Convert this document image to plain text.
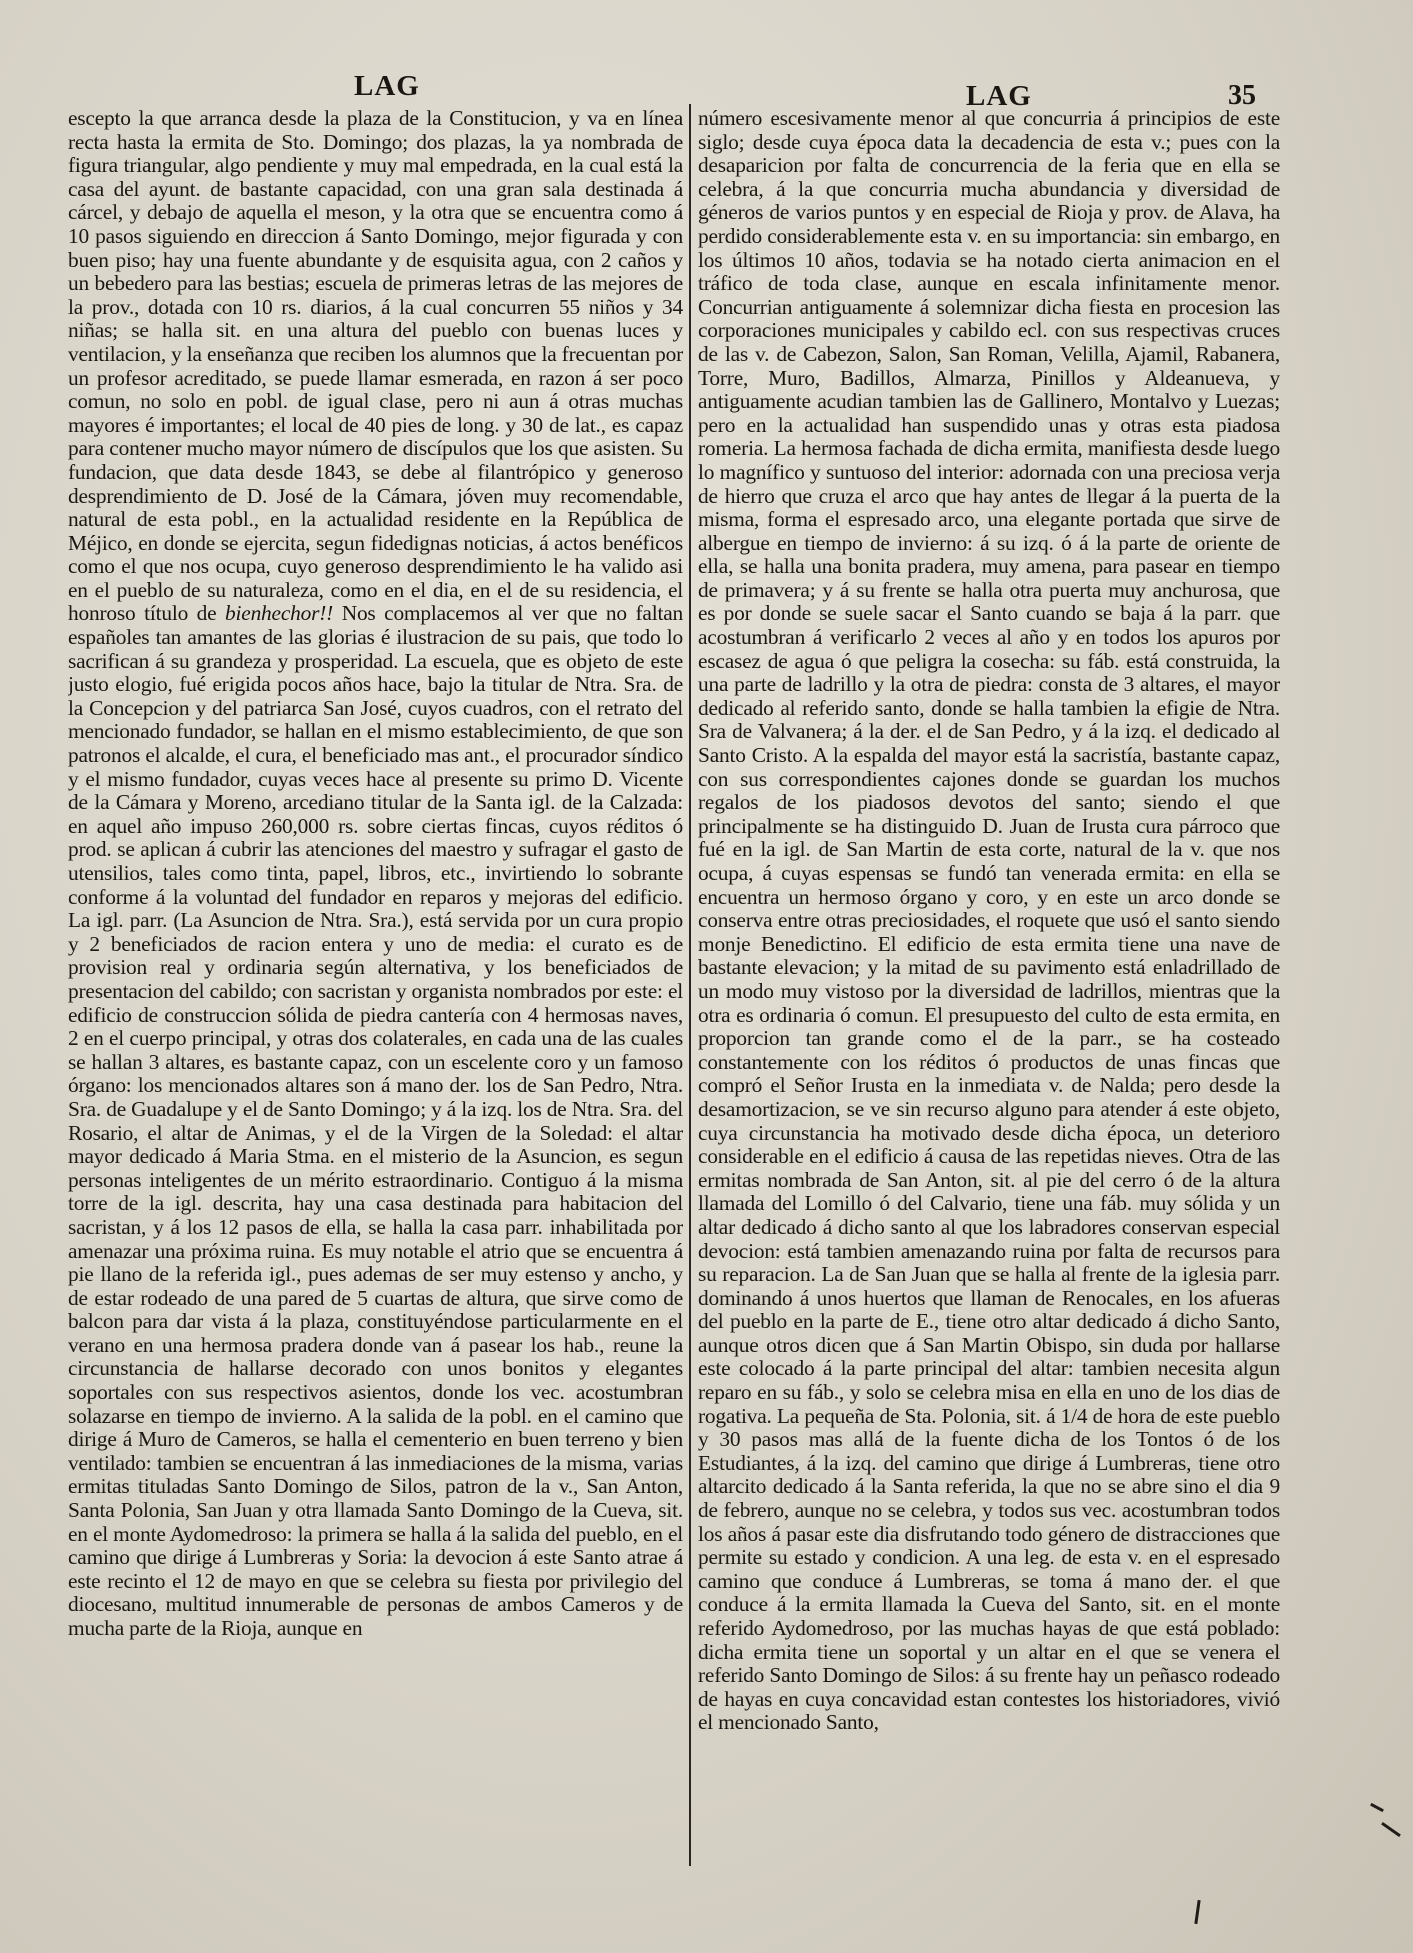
LAG	LAG	35

escepto la que arranca desde la plaza de la Constitucion, y va en línea recta hasta la ermita de Sto. Domingo; dos plazas, la ya nombrada de figura triangular, algo pendiente y muy mal empedrada, en la cual está la casa del ayunt. de bastante capacidad, con una gran sala destinada á cárcel, y debajo de aquella el meson, y la otra que se encuentra como á 10 pasos siguiendo en direccion á Santo Domingo, mejor figurada y con buen piso; hay una fuente abundante y de esquisita agua, con 2 caños y un bebedero para las bestias; escuela de primeras letras de las mejores de la prov., dotada con 10 rs. diarios, á la cual concurren 55 niños y 34 niñas; se halla sit. en una altura del pueblo con buenas luces y ventilacion, y la enseñanza que reciben los alumnos que la frecuentan por un profesor acreditado, se puede llamar esmerada, en razon á ser poco comun, no solo en pobl. de igual clase, pero ni aun á otras muchas mayores é importantes; el local de 40 pies de long. y 30 de lat., es capaz para contener mucho mayor número de discípulos que los que asisten. Su fundacion, que data desde 1843, se debe al filantrópico y generoso desprendimiento de D. José de la Cámara, jóven muy recomendable, natural de esta pobl., en la actualidad residente en la República de Méjico, en donde se ejercita, segun fidedignas noticias, á actos benéficos como el que nos ocupa, cuyo generoso desprendimiento le ha valido asi en el pueblo de su naturaleza, como en el dia, en el de su residencia, el honroso título de bienhechor!! Nos complacemos al ver que no faltan españoles tan amantes de las glorias é ilustracion de su pais, que todo lo sacrifican á su grandeza y prosperidad. La escuela, que es objeto de este justo elogio, fué erigida pocos años hace, bajo la titular de Ntra. Sra. de la Concepcion y del patriarca San José, cuyos cuadros, con el retrato del mencionado fundador, se hallan en el mismo establecimiento, de que son patronos el alcalde, el cura, el beneficiado mas ant., el procurador síndico y el mismo fundador, cuyas veces hace al presente su primo D. Vicente de la Cámara y Moreno, arcediano titular de la Santa igl. de la Calzada: en aquel año impuso 260,000 rs. sobre ciertas fincas, cuyos réditos ó prod. se aplican á cubrir las atenciones del maestro y sufragar el gasto de utensilios, tales como tinta, papel, libros, etc., invirtiendo lo sobrante conforme á la voluntad del fundador en reparos y mejoras del edificio. La igl. parr. (La Asuncion de Ntra. Sra.), está servida por un cura propio y 2 beneficiados de racion entera y uno de media: el curato es de provision real y ordinaria según alternativa, y los beneficiados de presentacion del cabildo; con sacristan y organista nombrados por este: el edificio de construccion sólida de piedra cantería con 4 hermosas naves, 2 en el cuerpo principal, y otras dos colaterales, en cada una de las cuales se hallan 3 altares, es bastante capaz, con un escelente coro y un famoso órgano: los mencionados altares son á mano der. los de San Pedro, Ntra. Sra. de Guadalupe y el de Santo Domingo; y á la izq. los de Ntra. Sra. del Rosario, el altar de Animas, y el de la Virgen de la Soledad: el altar mayor dedicado á Maria Stma. en el misterio de la Asuncion, es segun personas inteligentes de un mérito estraordinario. Contiguo á la misma torre de la igl. descrita, hay una casa destinada para habitacion del sacristan, y á los 12 pasos de ella, se halla la casa parr. inhabilitada por amenazar una próxima ruina. Es muy notable el atrio que se encuentra á pie llano de la referida igl., pues ademas de ser muy estenso y ancho, y de estar rodeado de una pared de 5 cuartas de altura, que sirve como de balcon para dar vista á la plaza, constituyéndose particularmente en el verano en una hermosa pradera donde van á pasear los hab., reune la circunstancia de hallarse decorado con unos bonitos y elegantes soportales con sus respectivos asientos, donde los vec. acostumbran solazarse en tiempo de invierno. A la salida de la pobl. en el camino que dirige á Muro de Cameros, se halla el cementerio en buen terreno y bien ventilado: tambien se encuentran á las inmediaciones de la misma, varias ermitas tituladas Santo Domingo de Silos, patron de la v., San Anton, Santa Polonia, San Juan y otra llamada Santo Domingo de la Cueva, sit. en el monte Aydomedroso: la primera se halla á la salida del pueblo, en el camino que dirige á Lumbreras y Soria: la devocion á este Santo atrae á este recinto el 12 de mayo en que se celebra su fiesta por privilegio del diocesano, multitud innumerable de personas de ambos Cameros y de mucha parte de la Rioja, aunque en

número escesivamente menor al que concurria á principios de este siglo; desde cuya época data la decadencia de esta v.; pues con la desaparicion por falta de concurrencia de la feria que en ella se celebra, á la que concurria mucha abundancia y diversidad de géneros de varios puntos y en especial de Rioja y prov. de Alava, ha perdido considerablemente esta v. en su importancia: sin embargo, en los últimos 10 años, todavia se ha notado cierta animacion en el tráfico de toda clase, aunque en escala infinitamente menor. Concurrian antiguamente á solemnizar dicha fiesta en procesion las corporaciones municipales y cabildo ecl. con sus respectivas cruces de las v. de Cabezon, Salon, San Roman, Velilla, Ajamil, Rabanera, Torre, Muro, Badillos, Almarza, Pinillos y Aldeanueva, y antiguamente acudian tambien las de Gallinero, Montalvo y Luezas; pero en la actualidad han suspendido unas y otras esta piadosa romeria. La hermosa fachada de dicha ermita, manifiesta desde luego lo magnífico y suntuoso del interior: adornada con una preciosa verja de hierro que cruza el arco que hay antes de llegar á la puerta de la misma, forma el espresado arco, una elegante portada que sirve de albergue en tiempo de invierno: á su izq. ó á la parte de oriente de ella, se halla una bonita pradera, muy amena, para pasear en tiempo de primavera; y á su frente se halla otra puerta muy anchurosa, que es por donde se suele sacar el Santo cuando se baja á la parr. que acostumbran á verificarlo 2 veces al año y en todos los apuros por escasez de agua ó que peligra la cosecha: su fáb. está construida, la una parte de ladrillo y la otra de piedra: consta de 3 altares, el mayor dedicado al referido santo, donde se halla tambien la efigie de Ntra. Sra de Valvanera; á la der. el de San Pedro, y á la izq. el dedicado al Santo Cristo. A la espalda del mayor está la sacristía, bastante capaz, con sus correspondientes cajones donde se guardan los muchos regalos de los piadosos devotos del santo; siendo el que principalmente se ha distinguido D. Juan de Irusta cura párroco que fué en la igl. de San Martin de esta corte, natural de la v. que nos ocupa, á cuyas espensas se fundó tan venerada ermita: en ella se encuentra un hermoso órgano y coro, y en este un arco donde se conserva entre otras preciosidades, el roquete que usó el santo siendo monje Benedictino. El edificio de esta ermita tiene una nave de bastante elevacion; y la mitad de su pavimento está enladrillado de un modo muy vistoso por la diversidad de ladrillos, mientras que la otra es ordinaria ó comun. El presupuesto del culto de esta ermita, en proporcion tan grande como el de la parr., se ha costeado constantemente con los réditos ó productos de unas fincas que compró el Señor Irusta en la inmediata v. de Nalda; pero desde la desamortizacion, se ve sin recurso alguno para atender á este objeto, cuya circunstancia ha motivado desde dicha época, un deterioro considerable en el edificio á causa de las repetidas nieves. Otra de las ermitas nombrada de San Anton, sit. al pie del cerro ó de la altura llamada del Lomillo ó del Calvario, tiene una fáb. muy sólida y un altar dedicado á dicho santo al que los labradores conservan especial devocion: está tambien amenazando ruina por falta de recursos para su reparacion. La de San Juan que se halla al frente de la iglesia parr. dominando á unos huertos que llaman de Renocales, en los afueras del pueblo en la parte de E., tiene otro altar dedicado á dicho Santo, aunque otros dicen que á San Martin Obispo, sin duda por hallarse este colocado á la parte principal del altar: tambien necesita algun reparo en su fáb., y solo se celebra misa en ella en uno de los dias de rogativa. La pequeña de Sta. Polonia, sit. á 1/4 de hora de este pueblo y 30 pasos mas allá de la fuente dicha de los Tontos ó de los Estudiantes, á la izq. del camino que dirige á Lumbreras, tiene otro altarcito dedicado á la Santa referida, la que no se abre sino el dia 9 de febrero, aunque no se celebra, y todos sus vec. acostumbran todos los años á pasar este dia disfrutando todo género de distracciones que permite su estado y condicion. A una leg. de esta v. en el espresado camino que conduce á Lumbreras, se toma á mano der. el que conduce á la ermita llamada la Cueva del Santo, sit. en el monte referido Aydomedroso, por las muchas hayas de que está poblado: dicha ermita tiene un soportal y un altar en el que se venera el referido Santo Domingo de Silos: á su frente hay un peñasco rodeado de hayas en cuya concavidad estan contestes los historiadores, vivió el mencionado Santo,
